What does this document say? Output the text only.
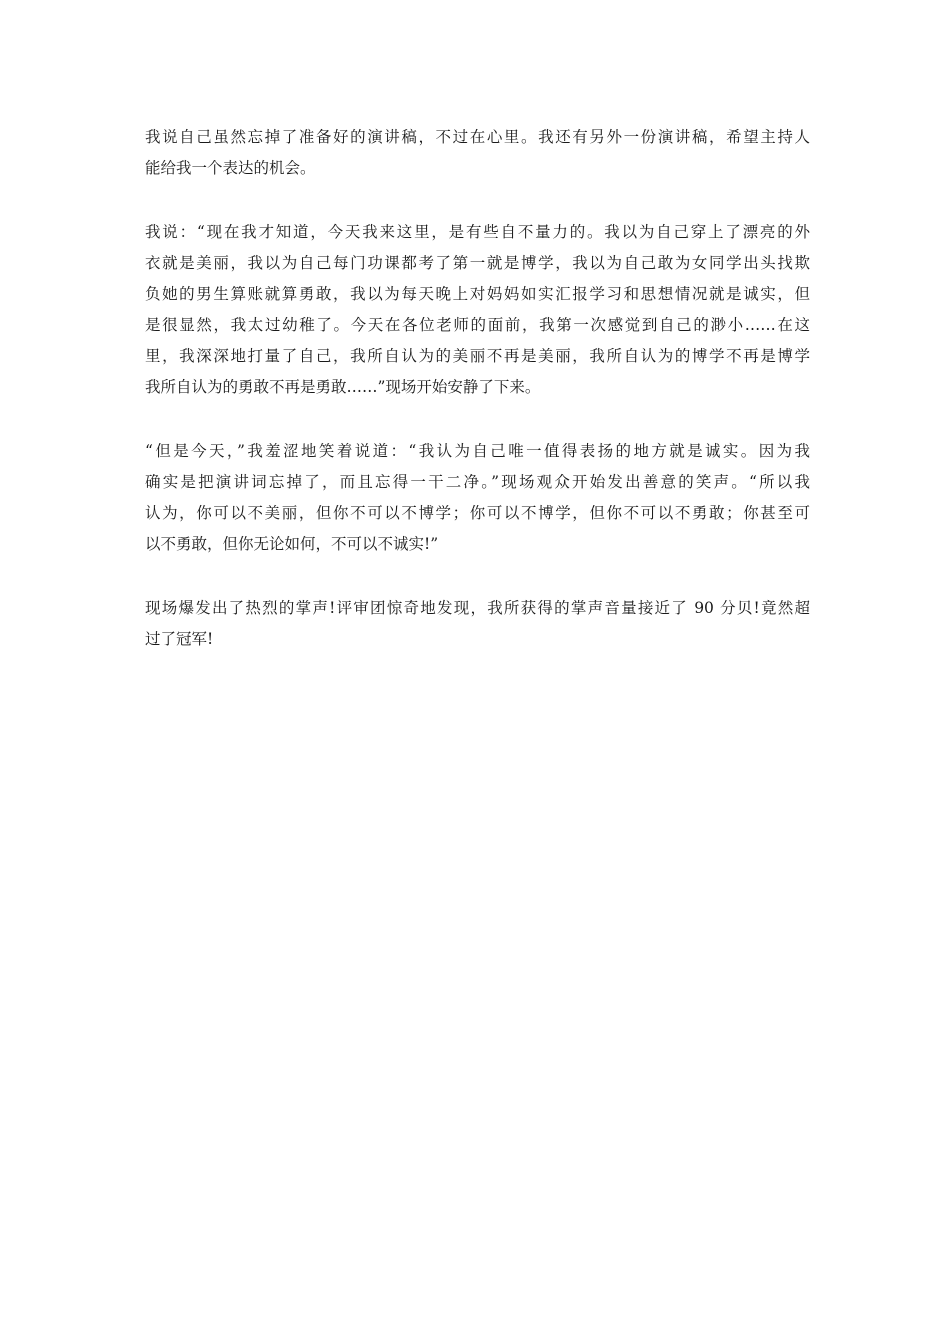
我说自己虽然忘掉了准备好的演讲稿，不过在心里。我还有另外一份演讲稿，希望主持人
能给我一个表达的机会。
我说：“现在我才知道，今天我来这里，是有些自不量力的。我以为自己穿上了漂亮的外
衣就是美丽，我以为自己每门功课都考了第一就是博学，我以为自己敢为女同学出头找欺
负她的男生算账就算勇敢，我以为每天晚上对妈妈如实汇报学习和思想情况就是诚实，但
是很显然，我太过幼稚了。今天在各位老师的面前，我第一次感觉到自己的渺小……在这
里，我深深地打量了自己，我所自认为的美丽不再是美丽，我所自认为的博学不再是博学
我所自认为的勇敢不再是勇敢……”现场开始安静了下来。
“但是今天，”我羞涩地笑着说道：“我认为自己唯一值得表扬的地方就是诚实。因为我
确实是把演讲词忘掉了，而且忘得一干二净。”现场观众开始发出善意的笑声。“所以我
认为，你可以不美丽，但你不可以不博学；你可以不博学，但你不可以不勇敢；你甚至可
以不勇敢，但你无论如何，不可以不诚实!”
现场爆发出了热烈的掌声!评审团惊奇地发现，我所获得的掌声音量接近了 90 分贝!竟然超
过了冠军!
